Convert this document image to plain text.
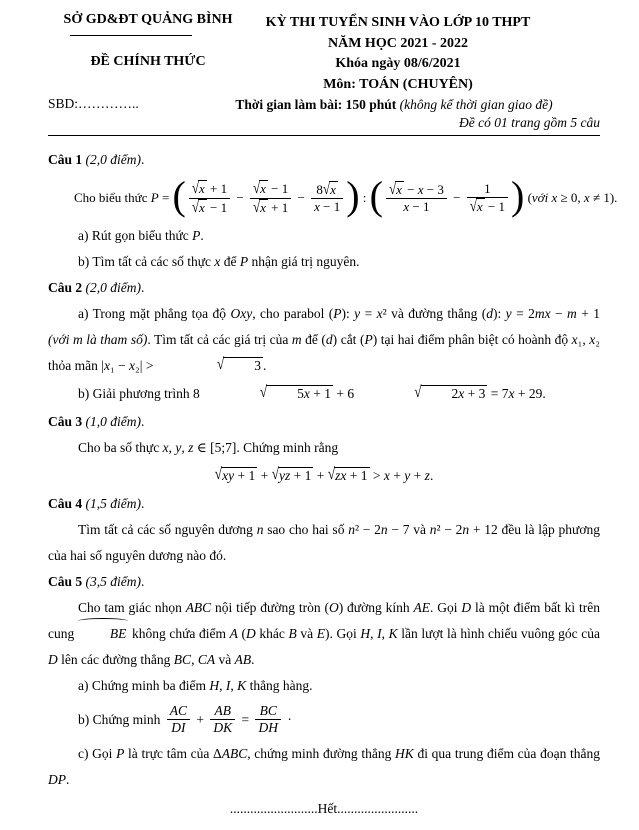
SỞ GD&ĐT QUẢNG BÌNH
ĐỀ CHÍNH THỨC
SBD:…………..
KỲ THI TUYỂN SINH VÀO LỚP 10 THPT
NĂM HỌC 2021 - 2022
Khóa ngày 08/6/2021
Môn: TOÁN (CHUYÊN)
Thời gian làm bài: 150 phút (không kể thời gian giao đề)
Đề có 01 trang gồm 5 câu
Câu 1 (2,0 điểm).
Cho biểu thức P = ( $\frac{√x + 1}{√x - 1} - \frac{√x - 1}{√x + 1} - \frac{8√x}{x - 1}$ ) : ( $\frac{√x - x - 3}{x - 1} - \frac{1}{√x - 1}$ ) (với x ≥ 0, x ≠ 1).
a) Rút gọn biểu thức P.
b) Tìm tất cả các số thực x để P nhận giá trị nguyên.
Câu 2 (2,0 điểm).
a) Trong mặt phẳng tọa độ Oxy, cho parabol (P): y = x² và đường thẳng (d): y = 2mx − m + 1 (với m là tham số). Tìm tất cả các giá trị của m để (d) cắt (P) tại hai điểm phân biệt có hoành độ x₁, x₂ thỏa mãn |x₁ − x₂| >	√ 3 .
b) Giải phương trình 8	√ 5x + 1 + 6	√ 2x + 3 = 7x + 29.
Câu 3 (1,0 điểm).
Cho ba số thực x, y, z ∈ [5;7]. Chứng minh rằng
√xy + 1 + √yz + 1 + √zx + 1 > x + y + z.
Câu 4 (1,5 điểm).
Tìm tất cả các số nguyên dương n sao cho hai số n² − 2n − 7 và n² − 2n + 12 đều là lập phương của hai số nguyên dương nào đó.
Câu 5 (3,5 điểm).
Cho tam giác nhọn ABC nội tiếp đường tròn (O) đường kính AE. Gọi D là một điểm bất kì trên cung BE không chứa điểm A (D khác B và E). Gọi H, I, K lần lượt là hình chiếu vuông góc của D lên các đường thẳng BC, CA và AB.
a) Chứng minh ba điểm H, I, K thẳng hàng.
b) Chứng minh $\frac{AC}{DI} + \frac{AB}{DK} = \frac{BC}{DH}$ ·
c) Gọi P là trực tâm của ΔABC, chứng minh đường thẳng HK đi qua trung điểm của đoạn thẳng DP.
..........................Hết........................
